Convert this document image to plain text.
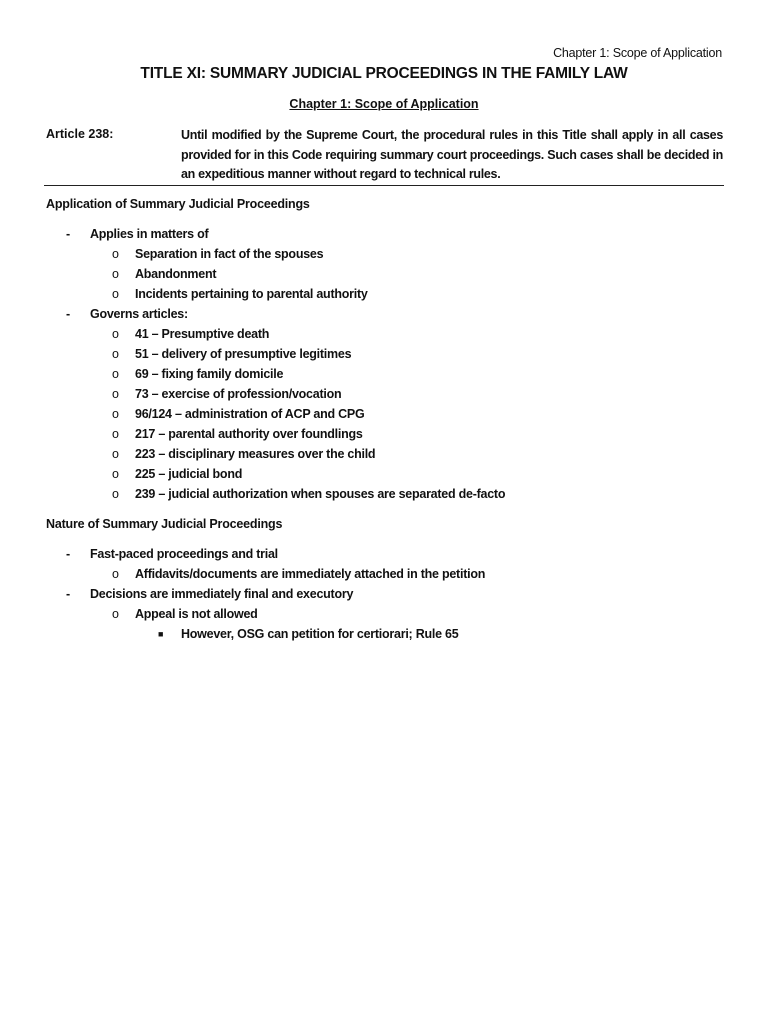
Chapter 1: Scope of Application
TITLE XI: SUMMARY JUDICIAL PROCEEDINGS IN THE FAMILY LAW
Chapter 1: Scope of Application
Article 238:	Until modified by the Supreme Court, the procedural rules in this Title shall apply in all cases provided for in this Code requiring summary court proceedings. Such cases shall be decided in an expeditious manner without regard to technical rules.
Application of Summary Judicial Proceedings
- Applies in matters of
o Separation in fact of the spouses
o Abandonment
o Incidents pertaining to parental authority
- Governs articles:
o 41 – Presumptive death
o 51 – delivery of presumptive legitimes
o 69 – fixing family domicile
o 73 – exercise of profession/vocation
o 96/124 – administration of ACP and CPG
o 217 – parental authority over foundlings
o 223 – disciplinary measures over the child
o 225 – judicial bond
o 239 – judicial authorization when spouses are separated de-facto
Nature of Summary Judicial Proceedings
- Fast-paced proceedings and trial
o Affidavits/documents are immediately attached in the petition
- Decisions are immediately final and executory
o Appeal is not allowed
■ However, OSG can petition for certiorari; Rule 65
